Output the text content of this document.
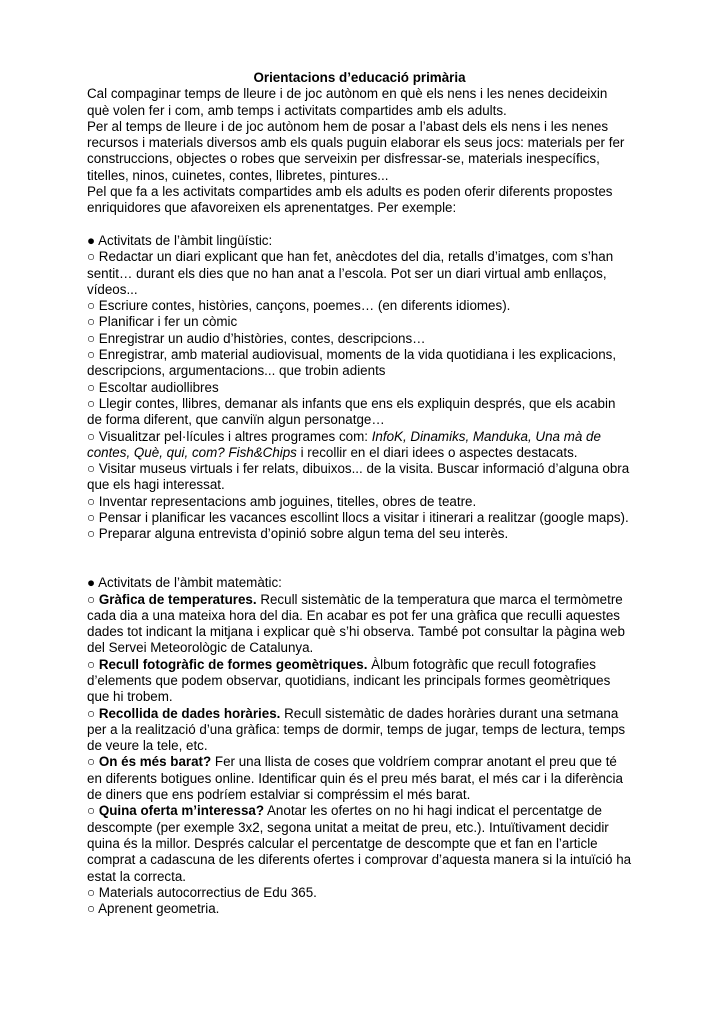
Orientacions d’educació primària

Cal compaginar temps de lleure i de joc autònom en què els nens i les nenes decideixin què volen fer i com, amb temps i activitats compartides amb els adults.

Per al temps de lleure i de joc autònom hem de posar a l’abast dels els nens i les nenes recursos i materials diversos amb els quals puguin elaborar els seus jocs: materials per fer construccions, objectes o robes que serveixin per disfressar-se, materials inespecífics, titelles, ninos, cuinetes, contes, llibretes, pintures...

Pel que fa a les activitats compartides amb els adults es poden oferir diferents propostes enriquidores que afavoreixen els aprenentatges. Per exemple:

● Activitats de l’àmbit lingüístic:

○ Redactar un diari explicant que han fet, anècdotes del dia, retalls d’imatges, com s’han sentit… durant els dies que no han anat a l’escola. Pot ser un diari virtual amb enllaços, vídeos...

○ Escriure contes, històries, cançons, poemes… (en diferents idiomes).

○ Planificar i fer un còmic

○ Enregistrar un audio d’històries, contes, descripcions…

○ Enregistrar, amb material audiovisual, moments de la vida quotidiana i les explicacions, descripcions, argumentacions... que trobin adients

○ Escoltar audiollibres

○ Llegir contes, llibres, demanar als infants que ens els expliquin després, que els acabin de forma diferent, que canviïn algun personatge…

○ Visualitzar pel·lícules i altres programes com: InfoK, Dinamiks, Manduka, Una mà de contes, Què, qui, com? Fish&Chips i recollir en el diari idees o aspectes destacats.

○ Visitar museus virtuals i fer relats, dibuixos... de la visita. Buscar informació d’alguna obra que els hagi interessat.

○ Inventar representacions amb joguines, titelles, obres de teatre.

○ Pensar i planificar les vacances escollint llocs a visitar i itinerari a realitzar (google maps).

○ Preparar alguna entrevista d’opinió sobre algun tema del seu interès.

● Activitats de l’àmbit matemàtic:

○ Gràfica de temperatures. Recull sistemàtic de la temperatura que marca el termòmetre cada dia a una mateixa hora del dia. En acabar es pot fer una gràfica que reculli aquestes dades tot indicant la mitjana i explicar què s’hi observa. També pot consultar la pàgina web del Servei Meteorològic de Catalunya.

○ Recull fotogràfic de formes geomètriques. Àlbum fotogràfic que recull fotografies d’elements que podem observar, quotidians, indicant les principals formes geomètriques que hi trobem.

○ Recollida de dades horàries. Recull sistemàtic de dades horàries durant una setmana per a la realització d’una gràfica: temps de dormir, temps de jugar, temps de lectura, temps de veure la tele, etc.

○ On és més barat? Fer una llista de coses que voldríem comprar anotant el preu que té en diferents botigues online. Identificar quin és el preu més barat, el més car i la diferència de diners que ens podríem estalviar si compréssim el més barat.

○ Quina oferta m’interessa? Anotar les ofertes on no hi hagi indicat el percentatge de descompte (per exemple 3x2, segona unitat a meitat de preu, etc.). Intuïtivament decidir quina és la millor. Després calcular el percentatge de descompte que et fan en l’article comprat a cadascuna de les diferents ofertes i comprovar d’aquesta manera si la intuïció ha estat la correcta.

○ Materials autocorrectius de Edu 365.

○ Aprenent geometria.
